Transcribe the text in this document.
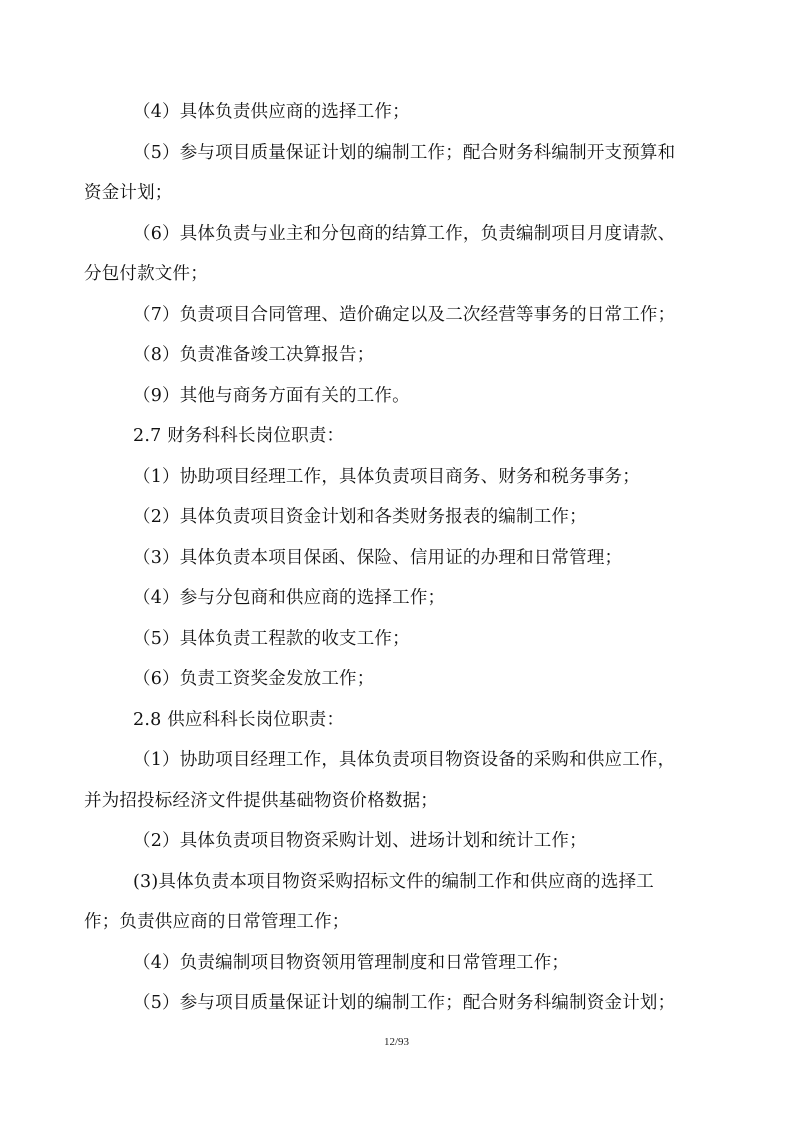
（4）具体负责供应商的选择工作；
（5）参与项目质量保证计划的编制工作；配合财务科编制开支预算和
资金计划；
（6）具体负责与业主和分包商的结算工作，负责编制项目月度请款、
分包付款文件；
（7）负责项目合同管理、造价确定以及二次经营等事务的日常工作；
（8）负责准备竣工决算报告；
（9）其他与商务方面有关的工作。
2.7 财务科科长岗位职责：
（1）协助项目经理工作，具体负责项目商务、财务和税务事务；
（2）具体负责项目资金计划和各类财务报表的编制工作；
（3）具体负责本项目保函、保险、信用证的办理和日常管理；
（4）参与分包商和供应商的选择工作；
（5）具体负责工程款的收支工作；
（6）负责工资奖金发放工作；
2.8 供应科科长岗位职责：
（1）协助项目经理工作，具体负责项目物资设备的采购和供应工作，
并为招投标经济文件提供基础物资价格数据；
（2）具体负责项目物资采购计划、进场计划和统计工作；
(3)具体负责本项目物资采购招标文件的编制工作和供应商的选择工
作；负责供应商的日常管理工作；
（4）负责编制项目物资领用管理制度和日常管理工作；
（5）参与项目质量保证计划的编制工作；配合财务科编制资金计划；
12/93
